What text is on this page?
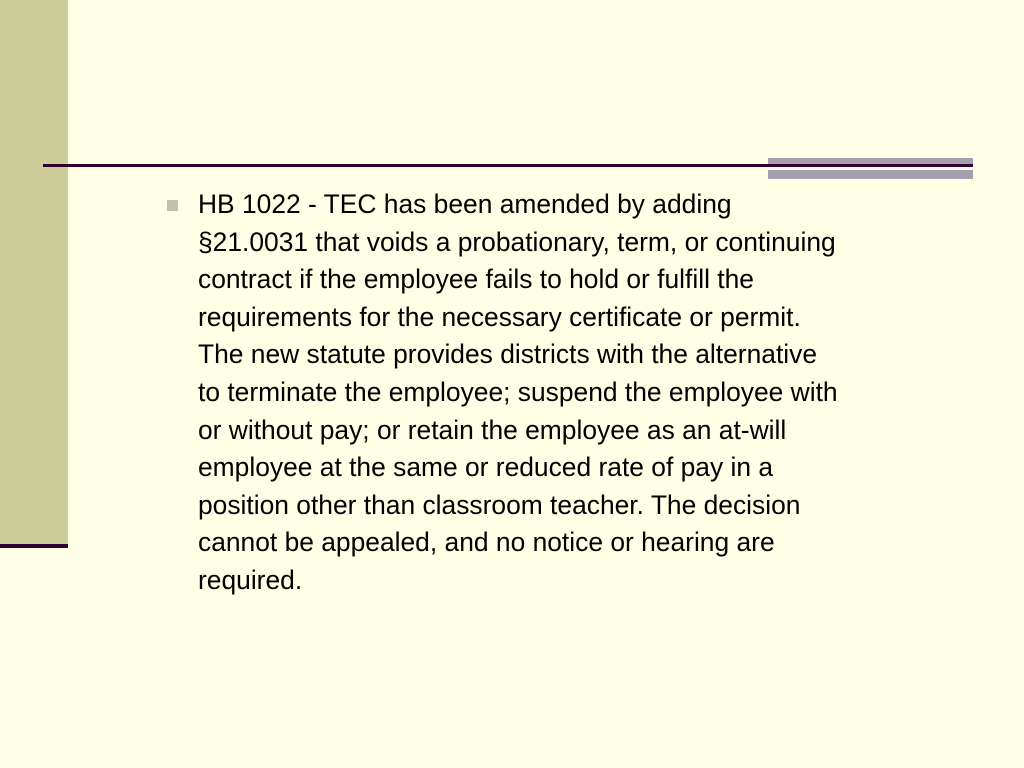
HB 1022 - TEC has been amended by adding
§21.0031 that voids a probationary, term, or continuing
contract if the employee fails to hold or fulfill the
requirements for the necessary certificate or permit.
The new statute provides districts with the alternative
to terminate the employee; suspend the employee with
or without pay; or retain the employee as an at-will
employee at the same or reduced rate of pay in a
position other than classroom teacher. The decision
cannot be appealed, and no notice or hearing are
required.
